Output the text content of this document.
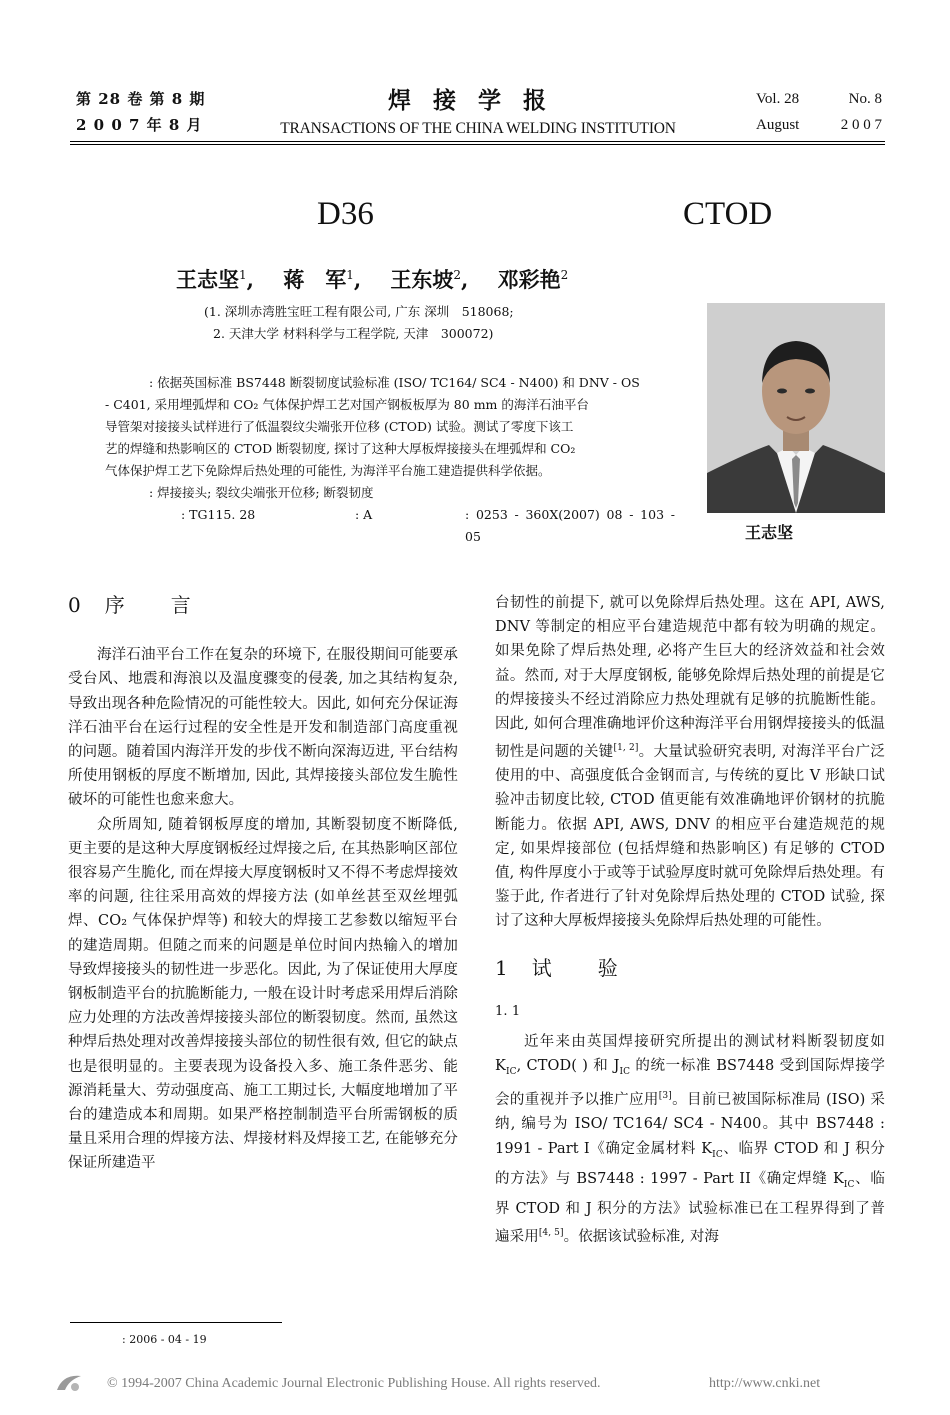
第 28 卷 第 8 期
2 0 0 7 年 8 月
焊接学报
TRANSACTIONS OF THE CHINA WELDING INSTITUTION
Vol. 28	No. 8
August	2 0 0 7
D36	CTOD
王志坚$^1$,    蒋　军$^1$,    王东坡$^2$,    邓彩艳$^2$
(1. 深圳赤湾胜宝旺工程有限公司, 广东 深圳　518068;
2. 天津大学 材料科学与工程学院, 天津　300072)
: 依据英国标准 BS7448 断裂韧度试验标准 (ISO/ TC164/ SC4 - N400) 和 DNV - OS
- C401, 采用埋弧焊和 CO₂ 气体保护焊工艺对国产钢板板厚为 80 mm 的海洋石油平台
导管架对接接头试样进行了低温裂纹尖端张开位移 (CTOD) 试验。测试了零度下该工
艺的焊缝和热影响区的 CTOD 断裂韧度, 探讨了这种大厚板焊接接头在埋弧焊和 CO₂
气体保护焊工艺下免除焊后热处理的可能性, 为海洋平台施工建造提供科学依据。
: 焊接接头; 裂纹尖端张开位移; 断裂韧度
: TG115. 28	: A	: 0253 - 360X(2007) 08 - 103 - 05	王志坚
0　序　　言

海洋石油平台工作在复杂的环境下, 在服役期间可能要承受台风、地震和海浪以及温度骤变的侵袭, 加之其结构复杂, 导致出现各种危险情况的可能性较大。因此, 如何充分保证海洋石油平台在运行过程的安全性是开发和制造部门高度重视的问题。随着国内海洋开发的步伐不断向深海迈进, 平台结构所使用钢板的厚度不断增加, 因此, 其焊接接头部位发生脆性破坏的可能性也愈来愈大。

众所周知, 随着钢板厚度的增加, 其断裂韧度不断降低, 更主要的是这种大厚度钢板经过焊接之后, 在其热影响区部位很容易产生脆化, 而在焊接大厚度钢板时又不得不考虑焊接效率的问题, 往往采用高效的焊接方法 (如单丝甚至双丝埋弧焊、CO₂ 气体保护焊等) 和较大的焊接工艺参数以缩短平台的建造周期。但随之而来的问题是单位时间内热输入的增加导致焊接接头的韧性进一步恶化。因此, 为了保证使用大厚度钢板制造平台的抗脆断能力, 一般在设计时考虑采用焊后消除应力处理的方法改善焊接接头部位的断裂韧度。然而, 虽然这种焊后热处理对改善焊接接头部位的韧性很有效, 但它的缺点也是很明显的。主要表现为设备投入多、施工条件恶劣、能源消耗量大、劳动强度高、施工工期过长, 大幅度地增加了平台的建造成本和周期。如果严格控制制造平台所需钢板的质量且采用合理的焊接方法、焊接材料及焊接工艺, 在能够充分保证所建造平

台韧性的前提下, 就可以免除焊后热处理。这在 API, AWS, DNV 等制定的相应平台建造规范中都有较为明确的规定。如果免除了焊后热处理, 必将产生巨大的经济效益和社会效益。然而, 对于大厚度钢板, 能够免除焊后热处理的前提是它的焊接接头不经过消除应力热处理就有足够的抗脆断性能。因此, 如何合理准确地评价这种海洋平台用钢焊接接头的低温韧性是问题的关键[1, 2]。大量试验研究表明, 对海洋平台广泛使用的中、高强度低合金钢而言, 与传统的夏比 V 形缺口试验冲击韧度比较, CTOD 值更能有效准确地评价钢材的抗脆断能力。依据 API, AWS, DNV 的相应平台建造规范的规定, 如果焊接部位 (包括焊缝和热影响区) 有足够的 CTOD 值, 构件厚度小于或等于试验厚度时就可免除焊后热处理。有鉴于此, 作者进行了针对免除焊后热处理的 CTOD 试验, 探讨了这种大厚板焊接接头免除焊后热处理的可能性。

1　试　　验
1. 1

近年来由英国焊接研究所提出的测试材料断裂韧度如 $K_{IC}$, CTOD( ) 和 $J_{IC}$ 的统一标准 BS7448 受到国际焊接学会的重视并予以推广应用[3]。目前已被国际标准局 (ISO) 采纳, 编号为 ISO/ TC164/ SC4 - N400。其中 BS7448 : 1991 - Part I《确定金属材料 $K_{IC}$、临界 CTOD 和 J 积分的方法》与 BS7448 : 1997 - Part II《确定焊缝 $K_{IC}$、临界 CTOD 和 J 积分的方法》试验标准已在工程界得到了普遍采用[4, 5]。依据该试验标准, 对海

: 2006 - 04 - 19
© 1994-2007 China Academic Journal Electronic Publishing House. All rights reserved.	http://www.cnki.net
